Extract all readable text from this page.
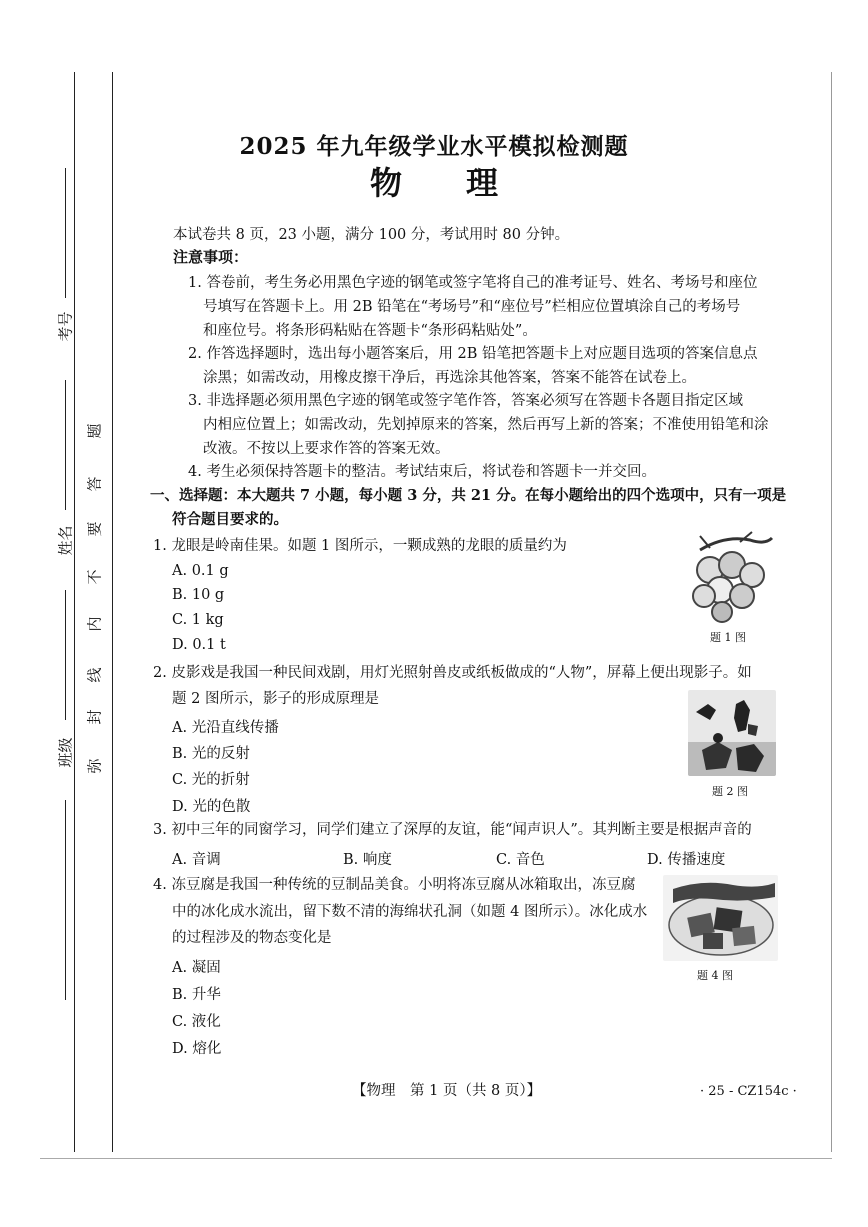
考号
姓名
班级 弥
封
线
内
不
要
答
题
2025 年九年级学业水平模拟检测题
物　　理
本试卷共 8 页，23 小题，满分 100 分，考试用时 80 分钟。
注意事项：
1. 答卷前，考生务必用黑色字迹的钢笔或签字笔将自己的准考证号、姓名、考场号和座位
号填写在答题卡上。用 2B 铅笔在“考场号”和“座位号”栏相应位置填涂自己的考场号
和座位号。将条形码粘贴在答题卡“条形码粘贴处”。
2. 作答选择题时，选出每小题答案后，用 2B 铅笔把答题卡上对应题目选项的答案信息点
涂黑；如需改动，用橡皮擦干净后，再选涂其他答案，答案不能答在试卷上。
3. 非选择题必须用黑色字迹的钢笔或签字笔作答，答案必须写在答题卡各题目指定区域
内相应位置上；如需改动，先划掉原来的答案，然后再写上新的答案；不准使用铅笔和涂
改液。不按以上要求作答的答案无效。
4. 考生必须保持答题卡的整洁。考试结束后，将试卷和答题卡一并交回。
一、选择题：本大题共 7 小题，每小题 3 分，共 21 分。在每小题给出的四个选项中，只有一项是
符合题目要求的。
1. 龙眼是岭南佳果。如题 1 图所示，一颗成熟的龙眼的质量约为
A. 0.1 g
B. 10 g
C. 1 kg
D. 0.1 t	题 1 图
2. 皮影戏是我国一种民间戏剧，用灯光照射兽皮或纸板做成的“人物”，屏幕上便出现影子。如
题 2 图所示，影子的形成原理是
A. 光沿直线传播
B. 光的反射
C. 光的折射
D. 光的色散
题 2 图
3. 初中三年的同窗学习，同学们建立了深厚的友谊，能“闻声识人”。其判断主要是根据声音的
A. 音调	B. 响度	C. 音色	D. 传播速度
4. 冻豆腐是我国一种传统的豆制品美食。小明将冻豆腐从冰箱取出，冻豆腐
中的冰化成水流出，留下数不清的海绵状孔洞（如题 4 图所示）。冰化成水
的过程涉及的物态变化是
A. 凝固
B. 升华
C. 液化
D. 熔化
题 4 图
【物理　第 1 页（共 8 页）】	· 25 - CZ154c ·
